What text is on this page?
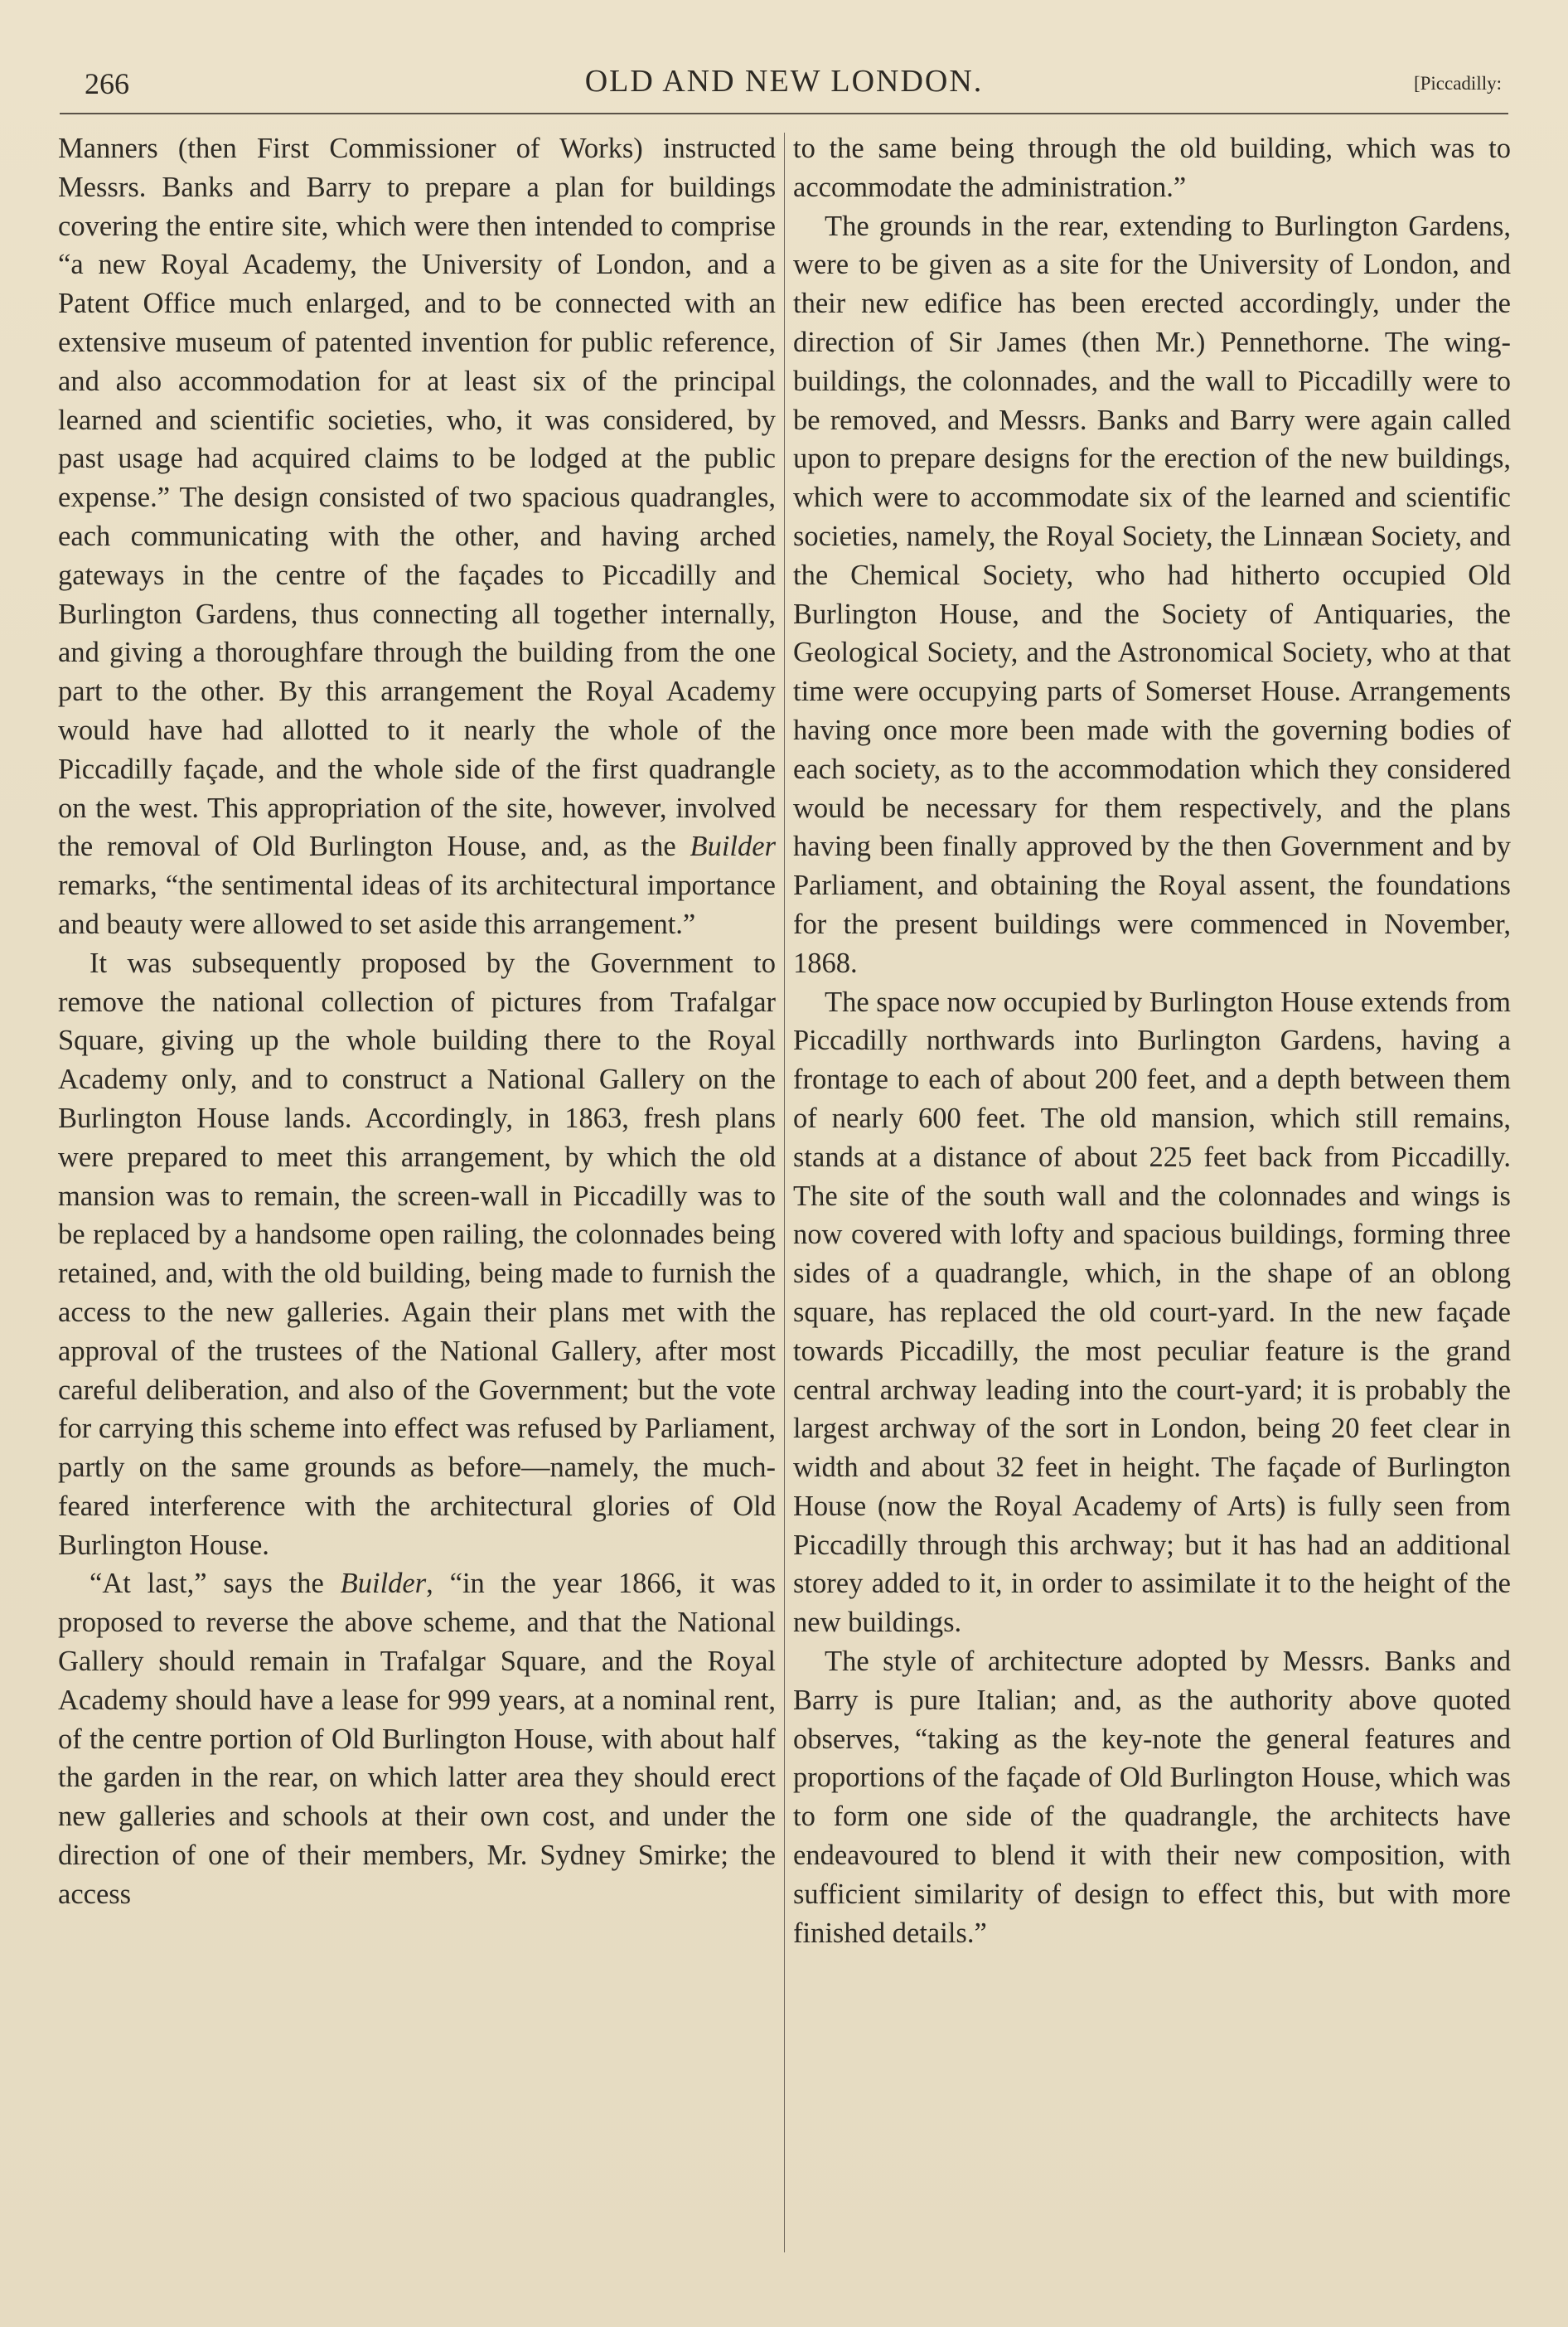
266	OLD AND NEW LONDON.	[Piccadilly:

Manners (then First Commissioner of Works) instructed Messrs. Banks and Barry to prepare a plan for buildings covering the entire site, which were then intended to comprise “a new Royal Academy, the University of London, and a Patent Office much enlarged, and to be connected with an extensive museum of patented invention for public reference, and also accommodation for at least six of the principal learned and scientific societies, who, it was considered, by past usage had acquired claims to be lodged at the public expense.” The design consisted of two spacious quadrangles, each communicating with the other, and having arched gateways in the centre of the façades to Piccadilly and Burlington Gardens, thus connecting all together internally, and giving a thoroughfare through the building from the one part to the other. By this arrangement the Royal Academy would have had allotted to it nearly the whole of the Piccadilly façade, and the whole side of the first quadrangle on the west. This appropriation of the site, however, involved the removal of Old Burlington House, and, as the Builder remarks, “the sentimental ideas of its architectural importance and beauty were allowed to set aside this arrangement.”

It was subsequently proposed by the Government to remove the national collection of pictures from Trafalgar Square, giving up the whole building there to the Royal Academy only, and to construct a National Gallery on the Burlington House lands. Accordingly, in 1863, fresh plans were prepared to meet this arrangement, by which the old mansion was to remain, the screen-wall in Piccadilly was to be replaced by a handsome open railing, the colonnades being retained, and, with the old building, being made to furnish the access to the new galleries. Again their plans met with the approval of the trustees of the National Gallery, after most careful deliberation, and also of the Government; but the vote for carrying this scheme into effect was refused by Parliament, partly on the same grounds as before—namely, the much-feared interference with the architectural glories of Old Burlington House.

“At last,” says the Builder, “in the year 1866, it was proposed to reverse the above scheme, and that the National Gallery should remain in Trafalgar Square, and the Royal Academy should have a lease for 999 years, at a nominal rent, of the centre portion of Old Burlington House, with about half the garden in the rear, on which latter area they should erect new galleries and schools at their own cost, and under the direction of one of their members, Mr. Sydney Smirke; the access

to the same being through the old building, which was to accommodate the administration.”

The grounds in the rear, extending to Burlington Gardens, were to be given as a site for the University of London, and their new edifice has been erected accordingly, under the direction of Sir James (then Mr.) Pennethorne. The wing-buildings, the colonnades, and the wall to Piccadilly were to be removed, and Messrs. Banks and Barry were again called upon to prepare designs for the erection of the new buildings, which were to accommodate six of the learned and scientific societies, namely, the Royal Society, the Linnæan Society, and the Chemical Society, who had hitherto occupied Old Burlington House, and the Society of Antiquaries, the Geological Society, and the Astronomical Society, who at that time were occupying parts of Somerset House. Arrangements having once more been made with the governing bodies of each society, as to the accommodation which they considered would be necessary for them respectively, and the plans having been finally approved by the then Government and by Parliament, and obtaining the Royal assent, the foundations for the present buildings were commenced in November, 1868.

The space now occupied by Burlington House extends from Piccadilly northwards into Burlington Gardens, having a frontage to each of about 200 feet, and a depth between them of nearly 600 feet. The old mansion, which still remains, stands at a distance of about 225 feet back from Piccadilly. The site of the south wall and the colonnades and wings is now covered with lofty and spacious buildings, forming three sides of a quadrangle, which, in the shape of an oblong square, has replaced the old court-yard. In the new façade towards Piccadilly, the most peculiar feature is the grand central archway leading into the court-yard; it is probably the largest archway of the sort in London, being 20 feet clear in width and about 32 feet in height. The façade of Burlington House (now the Royal Academy of Arts) is fully seen from Piccadilly through this archway; but it has had an additional storey added to it, in order to assimilate it to the height of the new buildings.

The style of architecture adopted by Messrs. Banks and Barry is pure Italian; and, as the authority above quoted observes, “taking as the key-note the general features and proportions of the façade of Old Burlington House, which was to form one side of the quadrangle, the architects have endeavoured to blend it with their new composition, with sufficient similarity of design to effect this, but with more finished details.”
